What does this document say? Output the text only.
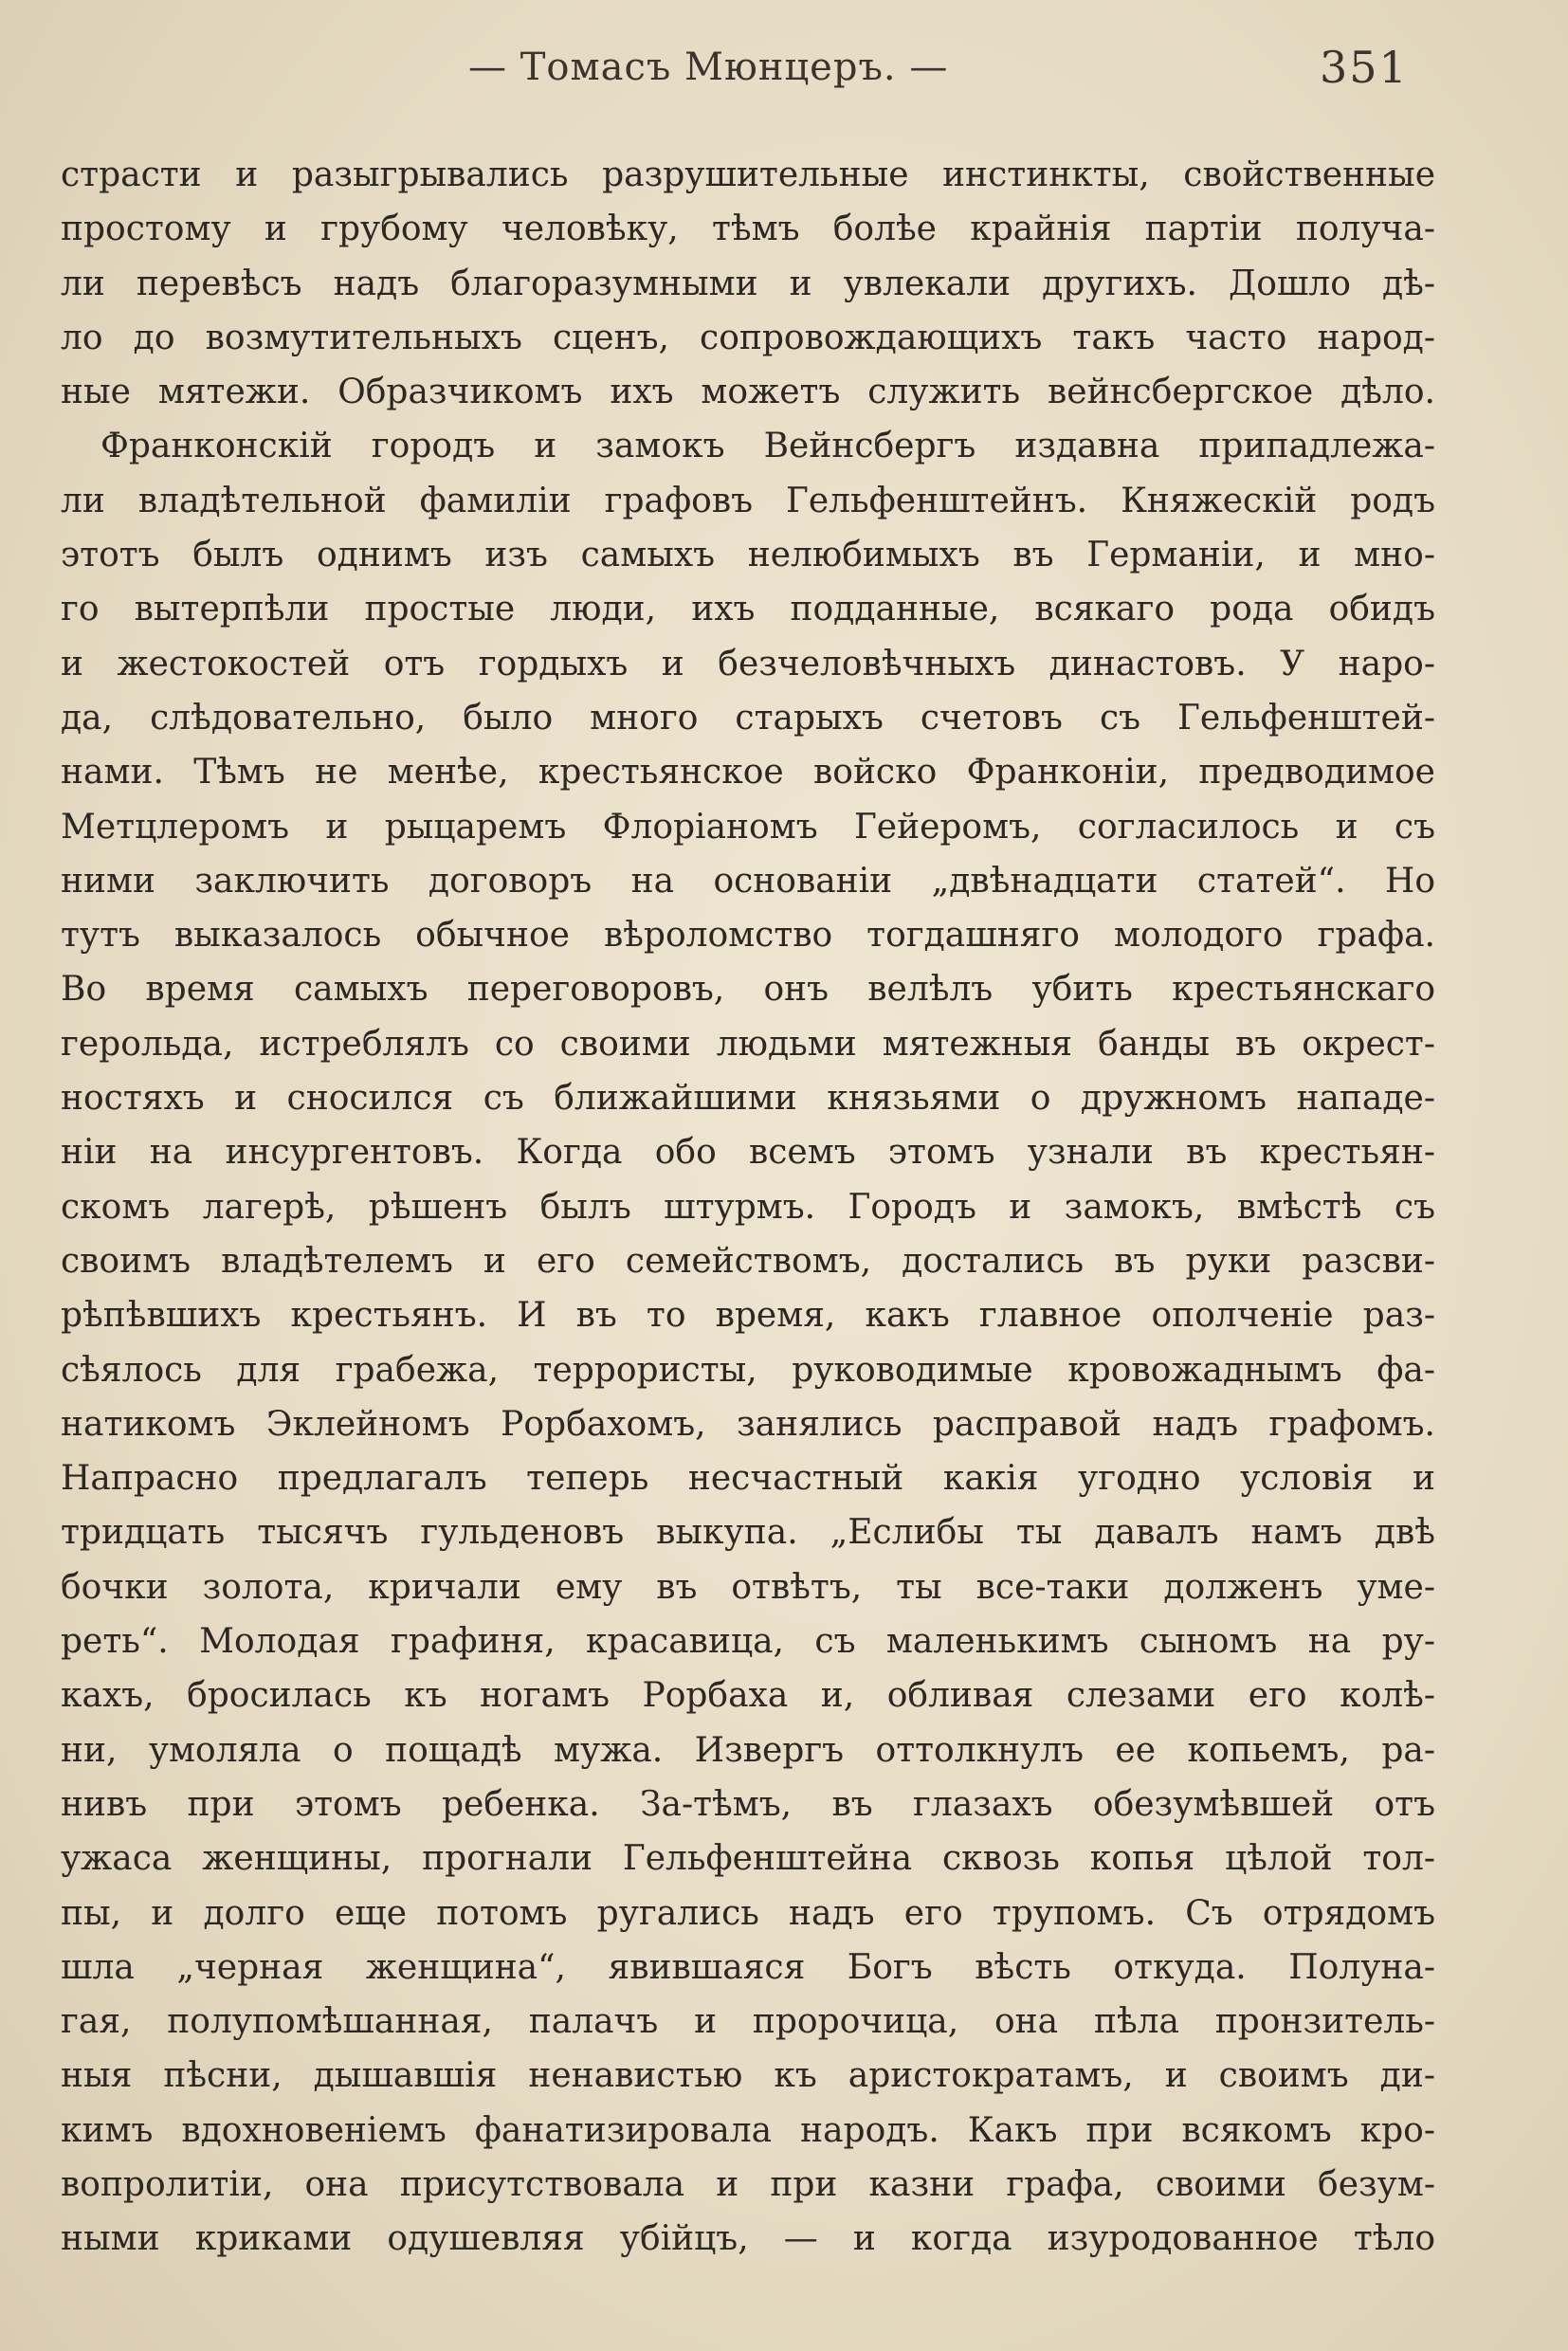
— Томасъ Мюнцеръ. —	351
страсти и разыгрывались разрушительные инстинкты, свойственные
простому и грубому человѣку, тѣмъ болѣе крайнія партіи получа-
ли перевѣсъ надъ благоразумными и увлекали другихъ. Дошло дѣ-
ло до возмутительныхъ сценъ, сопровождающихъ такъ часто народ-
ные мятежи. Образчикомъ ихъ можетъ служить вейнсбергское дѣло.
Франконскій городъ и замокъ Вейнсбергъ издавна припадлежа-
ли владѣтельной фамиліи графовъ Гельфенштейнъ. Княжескій родъ
этотъ былъ однимъ изъ самыхъ нелюбимыхъ въ Германіи, и мно-
го вытерпѣли простые люди, ихъ подданные, всякаго рода обидъ
и жестокостей отъ гордыхъ и безчеловѣчныхъ династовъ. У наро-
да, слѣдовательно, было много старыхъ счетовъ съ Гельфенштей-
нами. Тѣмъ не менѣе, крестьянское войско Франконіи, предводимое
Метцлеромъ и рыцаремъ Флоріаномъ Гейеромъ, согласилось и съ
ними заключить договоръ на основаніи „двѣнадцати статей“. Но
тутъ выказалось обычное вѣроломство тогдашняго молодого графа.
Во время самыхъ переговоровъ, онъ велѣлъ убить крестьянскаго
герольда, истреблялъ со своими людьми мятежныя банды въ окрест-
ностяхъ и сносился съ ближайшими князьями о дружномъ нападе-
ніи на инсургентовъ. Когда обо всемъ этомъ узнали въ крестьян-
скомъ лагерѣ, рѣшенъ былъ штурмъ. Городъ и замокъ, вмѣстѣ съ
своимъ владѣтелемъ и его семействомъ, достались въ руки разсви-
рѣпѣвшихъ крестьянъ. И въ то время, какъ главное ополченіе раз-
сѣялось для грабежа, террористы, руководимые кровожаднымъ фа-
натикомъ Эклейномъ Рорбахомъ, занялись расправой надъ графомъ.
Напрасно предлагалъ теперь несчастный какія угодно условія и
тридцать тысячъ гульденовъ выкупа. „Еслибы ты давалъ намъ двѣ
бочки золота, кричали ему въ отвѣтъ, ты все-таки долженъ уме-
реть“. Молодая графиня, красавица, съ маленькимъ сыномъ на ру-
кахъ, бросилась къ ногамъ Рорбаха и, обливая слезами его колѣ-
ни, умоляла о пощадѣ мужа. Извергъ оттолкнулъ ее копьемъ, ра-
нивъ при этомъ ребенка. За-тѣмъ, въ глазахъ обезумѣвшей отъ
ужаса женщины, прогнали Гельфенштейна сквозь копья цѣлой тол-
пы, и долго еще потомъ ругались надъ его трупомъ. Съ отрядомъ
шла „черная женщина“, явившаяся Богъ вѣсть откуда. Полуна-
гая, полупомѣшанная, палачъ и пророчица, она пѣла пронзитель-
ныя пѣсни, дышавшія ненавистью къ аристократамъ, и своимъ ди-
кимъ вдохновеніемъ фанатизировала народъ. Какъ при всякомъ кро-
вопролитіи, она присутствовала и при казни графа, своими безум-
ными криками одушевляя убійцъ, — и когда изуродованное тѣло
